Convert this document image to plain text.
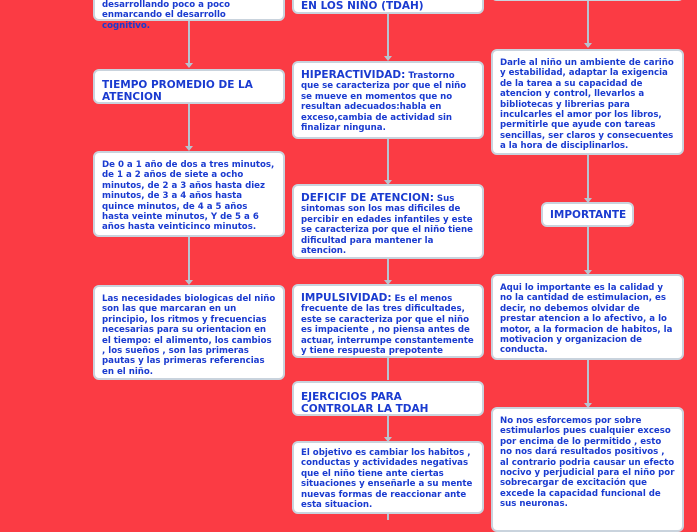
desarrollando poco a poco enmarcando el desarrollo cognitivo.
TIEMPO PROMEDIO DE LA ATENCION
De 0 a 1 año de dos a tres minutos, de 1 a 2 años de siete a ocho minutos, de 2 a 3 años hasta diez minutos, de 3 a 4 años hasta quince minutos, de 4 a 5 años hasta veinte minutos, Y de 5 a 6 años hasta veinticinco minutos.
Las necesidades biologicas del niño son las que marcaran en un principio, los ritmos y frecuencias necesarias para su orientacion en el tiempo: el alimento, los cambios , los sueños , son las primeras pautas y las primeras referencias en el niño.
EN LOS NIÑO (TDAH)
HIPERACTIVIDAD: Trastorno que se caracteriza por que el niño se mueve en momentos que no resultan adecuados:habla en exceso,cambia de actividad sin finalizar ninguna.
DEFICIF DE ATENCION: Sus sintomas son los mas dificiles de percibir en edades infantiles y este se caracteriza por que el niño tiene dificultad para mantener la atencion.
IMPULSIVIDAD: Es el menos frecuente de las tres dificultades, este se caracteriza por que el niño es impaciente , no piensa antes de actuar, interrumpe constantemente y tiene respuesta prepotente
EJERCICIOS PARA CONTROLAR LA TDAH
El objetivo es cambiar los habitos , conductas y actividades negativas que el niño tiene ante ciertas situaciones y enseñarle a su mente nuevas formas de reaccionar ante esta situacion.
Darle al niño un ambiente de cariño y estabilidad, adaptar la exigencia de la tarea a su capacidad de atencion y control, llevarlos a bibliotecas y librerias para inculcarles el amor por los libros, permitirle que ayude con tareas sencillas, ser claros y consecuentes a la hora de disciplinarlos.
IMPORTANTE
Aqui lo importante es la calidad y no la cantidad de estimulacion, es decir, no debemos olvidar de prestar atencion a lo afectivo, a lo motor, a la formacion de habitos, la motivacion y organizacion de conducta.
No nos esforcemos por sobre estimularlos pues cualquier exceso por encima de lo permitido , esto no nos dará resultados positivos , al contrario podria causar un efecto nocivo y perjudicial para el niño por sobrecargar de excitación que excede la capacidad funcional de sus neuronas.
